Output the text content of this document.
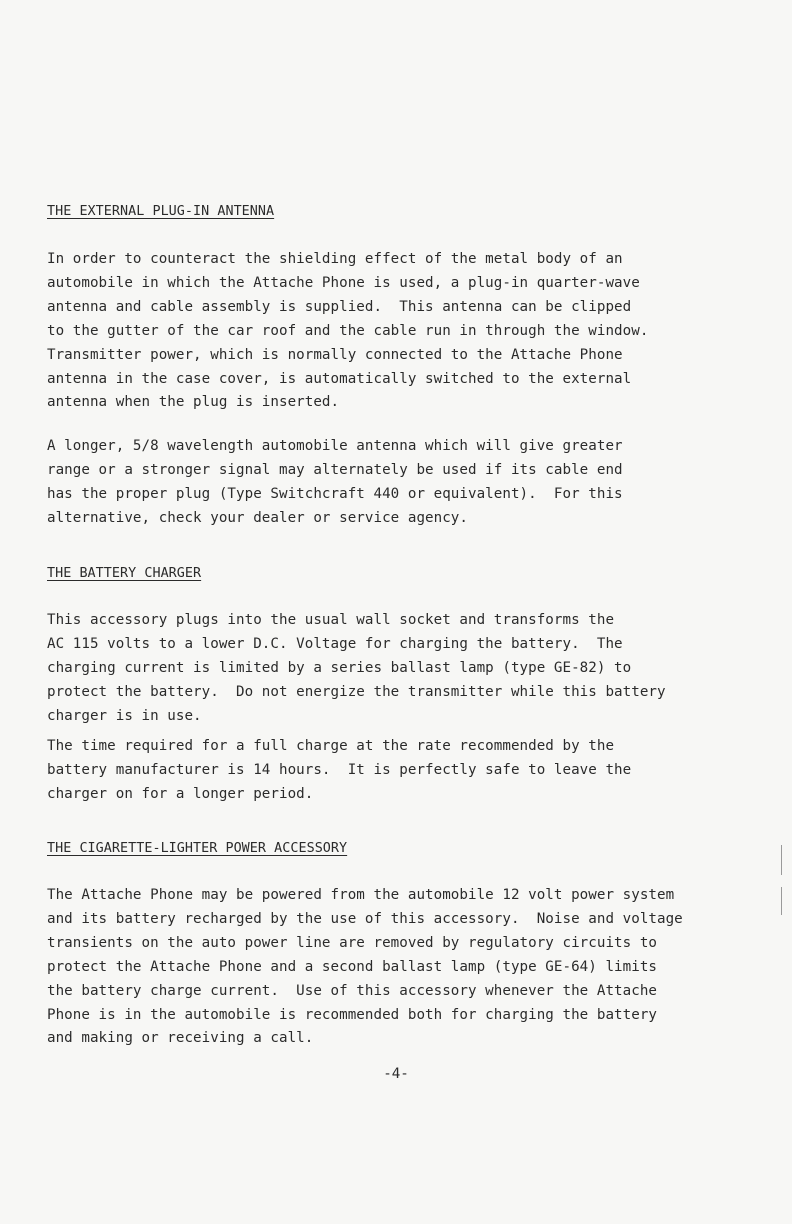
THE EXTERNAL PLUG-IN ANTENNA
In order to counteract the shielding effect of the metal body of an
automobile in which the Attache Phone is used, a plug-in quarter-wave
antenna and cable assembly is supplied.  This antenna can be clipped
to the gutter of the car roof and the cable run in through the window.
Transmitter power, which is normally connected to the Attache Phone
antenna in the case cover, is automatically switched to the external
antenna when the plug is inserted.
A longer, 5/8 wavelength automobile antenna which will give greater
range or a stronger signal may alternately be used if its cable end
has the proper plug (Type Switchcraft 440 or equivalent).  For this
alternative, check your dealer or service agency.
THE BATTERY CHARGER
This accessory plugs into the usual wall socket and transforms the
AC 115 volts to a lower D.C. Voltage for charging the battery.  The
charging current is limited by a series ballast lamp (type GE-82) to
protect the battery.  Do not energize the transmitter while this battery
charger is in use.
The time required for a full charge at the rate recommended by the
battery manufacturer is 14 hours.  It is perfectly safe to leave the
charger on for a longer period.
THE CIGARETTE-LIGHTER POWER ACCESSORY
The Attache Phone may be powered from the automobile 12 volt power system
and its battery recharged by the use of this accessory.  Noise and voltage
transients on the auto power line are removed by regulatory circuits to
protect the Attache Phone and a second ballast lamp (type GE-64) limits
the battery charge current.  Use of this accessory whenever the Attache
Phone is in the automobile is recommended both for charging the battery
and making or receiving a call.
-4-
